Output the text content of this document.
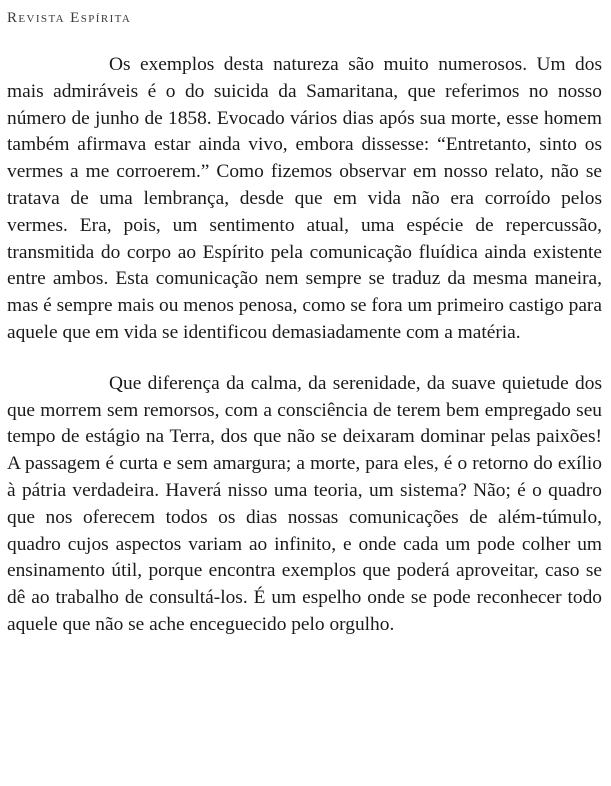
Revista Espírita

Os exemplos desta natureza são muito numerosos. Um dos mais admiráveis é o do suicida da Samaritana, que referimos no nosso número de junho de 1858. Evocado vários dias após sua morte, esse homem também afirmava estar ainda vivo, embora dissesse: “Entretanto, sinto os vermes a me corroerem.” Como fizemos observar em nosso relato, não se tratava de uma lembrança, desde que em vida não era corroído pelos vermes. Era, pois, um sentimento atual, uma espécie de repercussão, transmitida do corpo ao Espírito pela comunicação fluídica ainda existente entre ambos. Esta comunicação nem sempre se traduz da mesma maneira, mas é sempre mais ou menos penosa, como se fora um primeiro castigo para aquele que em vida se identificou demasiadamente com a matéria.

Que diferença da calma, da serenidade, da suave quietude dos que morrem sem remorsos, com a consciência de terem bem empregado seu tempo de estágio na Terra, dos que não se deixaram dominar pelas paixões! A passagem é curta e sem amargura; a morte, para eles, é o retorno do exílio à pátria verdadeira. Haverá nisso uma teoria, um sistema? Não; é o quadro que nos oferecem todos os dias nossas comunicações de além-túmulo, quadro cujos aspectos variam ao infinito, e onde cada um pode colher um ensinamento útil, porque encontra exemplos que poderá aproveitar, caso se dê ao trabalho de consultá-los. É um espelho onde se pode reconhecer todo aquele que não se ache enceguecido pelo orgulho.
